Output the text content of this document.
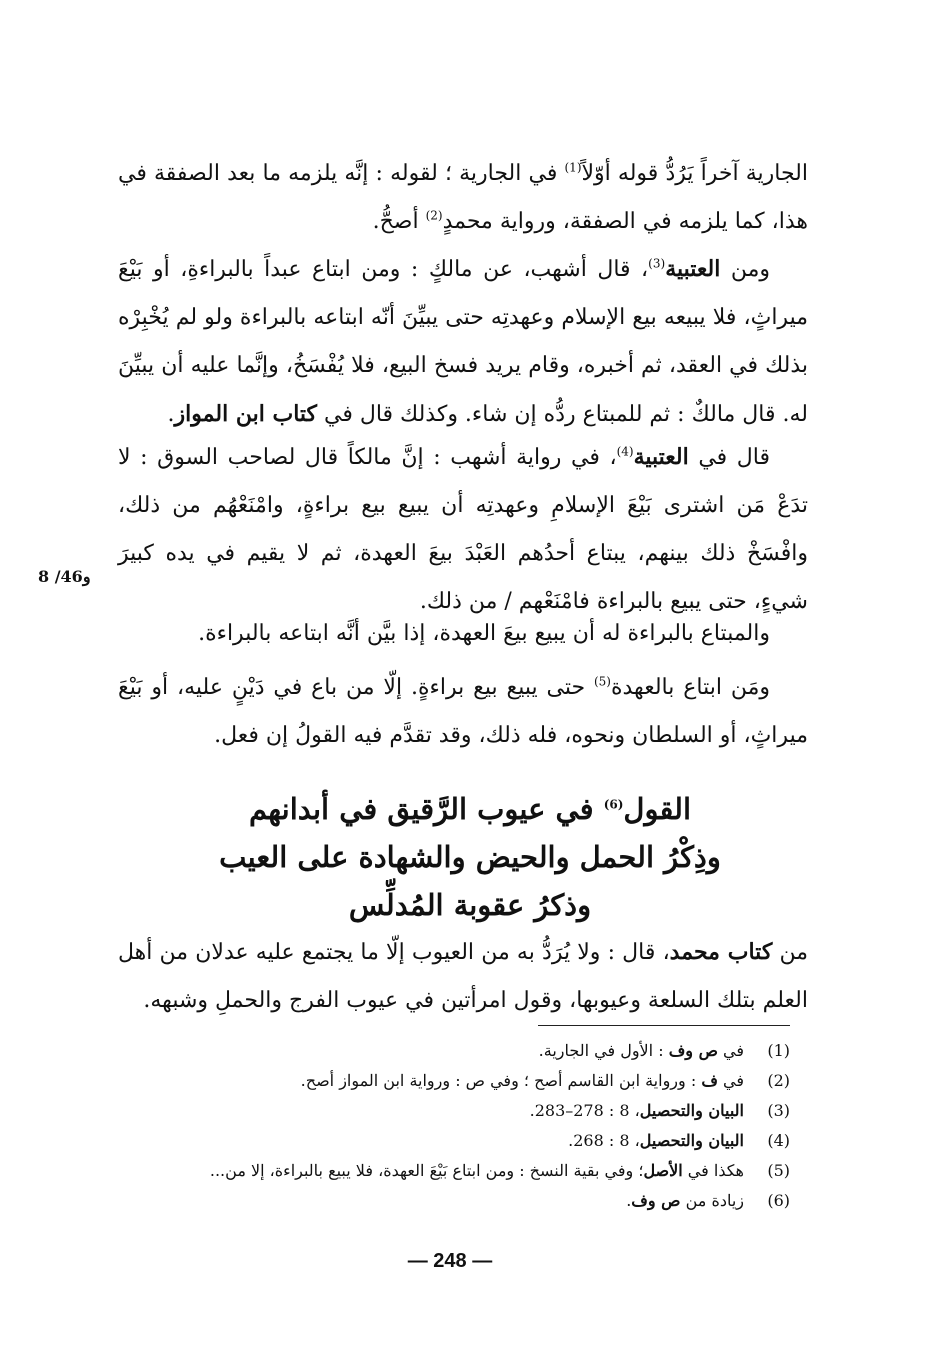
الجارية آخراً يَرُدُّ قوله أوّلاً$^{(1)}$ في الجارية ؛ لقوله : إنَّه يلزمه ما بعد الصفقة في هذا، كما يلزمه في الصفقة، ورواية محمدٍ$^{(2)}$ أصحُّ.

ومن العتبية$^{(3)}$، قال أشهب، عن مالكٍ : ومن ابتاع عبداً بالبراءةِ، أو بَيْعَ ميراثٍ، فلا يبيعه بيع الإسلام وعهدتِه حتى يبيِّنَ أنّه ابتاعه بالبراءة ولو لم يُخْبِرْه بذلك في العقد، ثم أخبره، وقام يريد فسخ البيع، فلا يُفْسَخُ، وإنَّما عليه أن يبيِّنَ له. قال مالكٌ : ثم للمبتاع ردُّه إن شاء. وكذلك قال في كتاب ابن المواز.

قال في العتبية$^{(4)}$، في رواية أشهب : إنَّ مالكاً قال لصاحب السوق : لا تدَعْ مَن اشترى بَيْعَ الإسلامِ وعهدتِه أن يبيع بيع براءةٍ، وامْنَعْهُم من ذلك، وافْسَخْ ذلك بينهم، يبتاع أحدُهم العَبْدَ بيعَ العهدة، ثم لا يقيم في يده كبيرَ شيءٍ، حتى يبيع بالبراءة فامْنَعْهم / من ذلك.

8 /46و

والمبتاع بالبراءة له أن يبيع بيعَ العهدة، إذا بيَّن أنَّه ابتاعه بالبراءة.

ومَن ابتاع بالعهدة$^{(5)}$ حتى يبيع بيع براءةٍ. إلّا من باع في دَيْنٍ عليه، أو بَيْعَ ميراثٍ، أو السلطان ونحوه، فله ذلك، وقد تقدَّم فيه القولُ إن فعل.

القول$^{(6)}$ في عيوب الرَّقيق في أبدانهم
وذِكْرُ الحمل والحيض والشهادة على العيب
وذكرُ عقوبة المُدلِّس

من كتاب محمد، قال : ولا يُرَدُّ به من العيوب إلّا ما يجتمع عليه عدلان من أهل العلم بتلك السلعة وعيوبها، وقول امرأتين في عيوب الفرج والحملِ وشبهه.

(1)
في ص وف : الأول في الجارية.
(2)
في ف : ورواية ابن القاسم أصح ؛ وفي ص : ورواية ابن المواز أصح.
(3)
البيان والتحصيل، 8 : 278–283.
(4)
البيان والتحصيل، 8 : 268.
(5)
هكذا في الأصل؛ وفي بقية النسخ : ومن ابتاع بَيْعَ العهدة، فلا يبيع بالبراءة، إلا من...
(6)
زيادة من ص وف.
— 248 —
